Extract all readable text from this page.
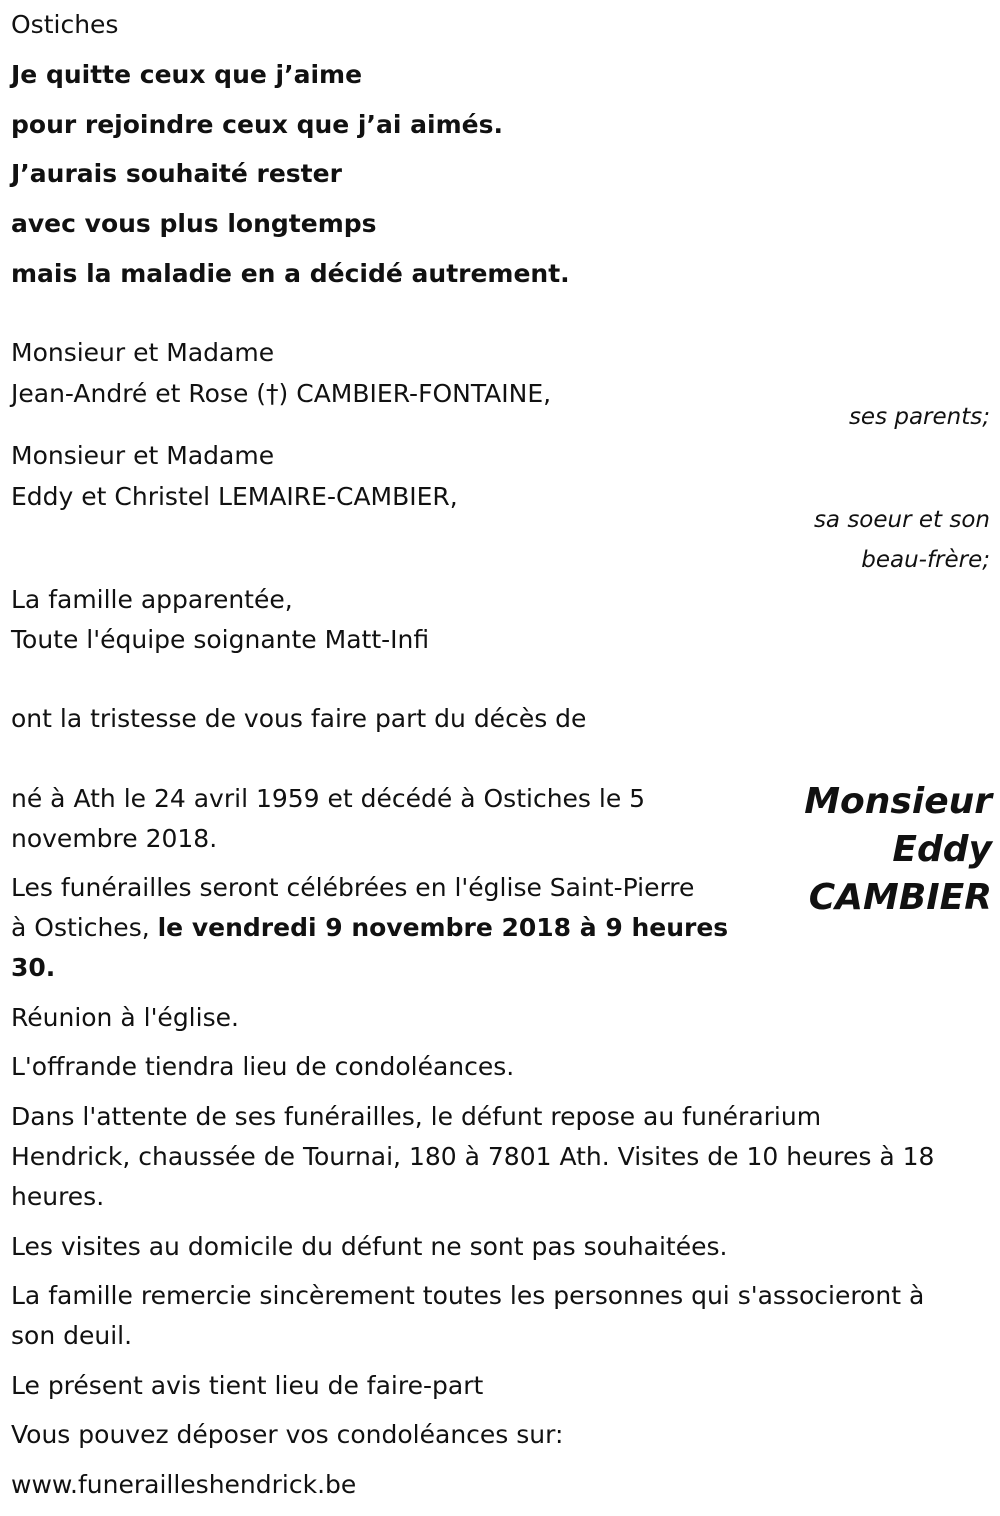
Ostiches
Je quitte ceux que j’aime
pour rejoindre ceux que j’ai aimés.
J’aurais souhaité rester
avec vous plus longtemps
mais la maladie en a décidé autrement.
Monsieur et Madame
Jean-André et Rose (†) CAMBIER-FONTAINE,
ses parents;
Monsieur et Madame
Eddy et Christel LEMAIRE-CAMBIER,
sa soeur et son
beau-frère;
La famille apparentée,
Toute l'équipe soignante Matt-Infi
ont la tristesse de vous faire part du décès de
Monsieur
Eddy
CAMBIER
né à Ath le 24 avril 1959 et décédé à Ostiches le 5
novembre 2018.
Les funérailles seront célébrées en l'église Saint-Pierre
à Ostiches, le vendredi 9 novembre 2018 à 9 heures
30.
Réunion à l'église.
L'offrande tiendra lieu de condoléances.
Dans l'attente de ses funérailles, le défunt repose au funérarium
Hendrick, chaussée de Tournai, 180 à 7801 Ath. Visites de 10 heures à 18
heures.
Les visites au domicile du défunt ne sont pas souhaitées.
La famille remercie sincèrement toutes les personnes qui s'associeront à
son deuil.
Le présent avis tient lieu de faire-part
Vous pouvez déposer vos condoléances sur:
www.funerailleshendrick.be
